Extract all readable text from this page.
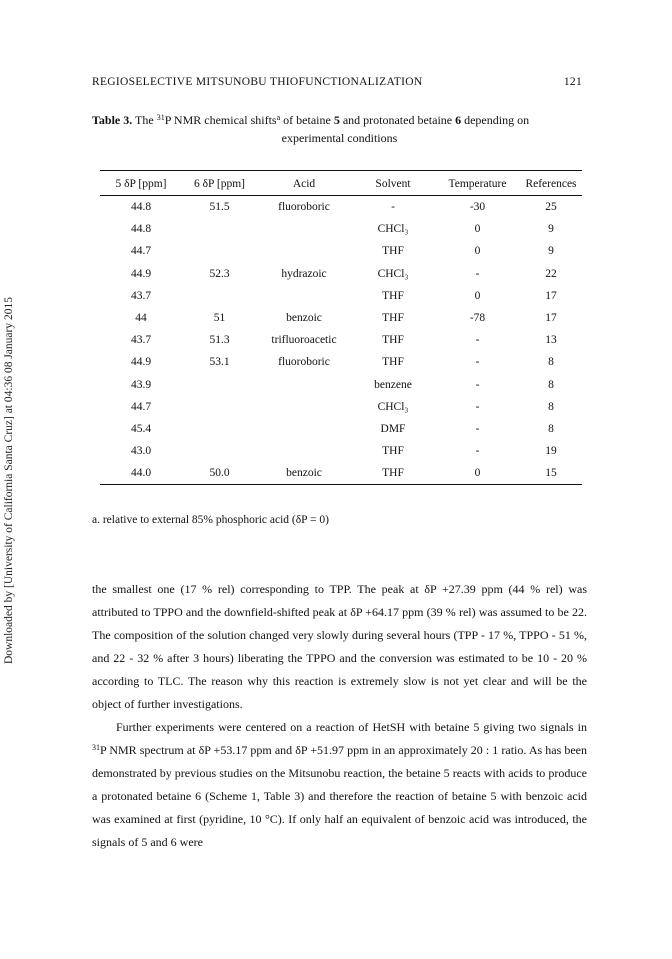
Downloaded by [University of California Santa Cruz] at 04:36 08 January 2015
REGIOSELECTIVE MITSUNOBU THIOFUNCTIONALIZATION	121
Table 3. The $^{31}$P NMR chemical shifts$^a$ of betaine 5 and protonated betaine 6 depending on
experimental conditions
5 δP [ppm]	6 δP [ppm]	Acid	Solvent	Temperature	References
44.8	51.5	fluoroboric	-	-30	25
44.8			CHCl₃	0	9
44.7			THF	0	9
44.9	52.3	hydrazoic	CHCl₃	-	22
43.7			THF	0	17
44	51	benzoic	THF	-78	17
43.7	51.3	trifluoroacetic	THF	-	13
44.9	53.1	fluoroboric	THF	-	8
43.9			benzene	-	8
44.7			CHCl₃	-	8
45.4			DMF	-	8
43.0			THF	-	19
44.0	50.0	benzoic	THF	0	15
a. relative to external 85% phosphoric acid (δP = 0)

the smallest one (17 % rel) corresponding to TPP. The peak at δP +27.39 ppm (44 % rel) was attributed to TPPO and the downfield-shifted peak at δP +64.17 ppm (39 % rel) was assumed to be 22. The composition of the solution changed very slowly during several hours (TPP - 17 %, TPPO - 51 %, and 22 - 32 % after 3 hours) liberating the TPPO and the conversion was estimated to be 10 - 20 % according to TLC. The reason why this reaction is extremely slow is not yet clear and will be the object of further investigations.

Further experiments were centered on a reaction of HetSH with betaine 5 giving two signals in $^{31}$P NMR spectrum at δP +53.17 ppm and δP +51.97 ppm in an approximately 20 : 1 ratio. As has been demonstrated by previous studies on the Mitsunobu reaction, the betaine 5 reacts with acids to produce a protonated betaine 6 (Scheme 1, Table 3) and therefore the reaction of betaine 5 with benzoic acid was examined at first (pyridine, 10 °C). If only half an equivalent of benzoic acid was introduced, the signals of 5 and 6 were
